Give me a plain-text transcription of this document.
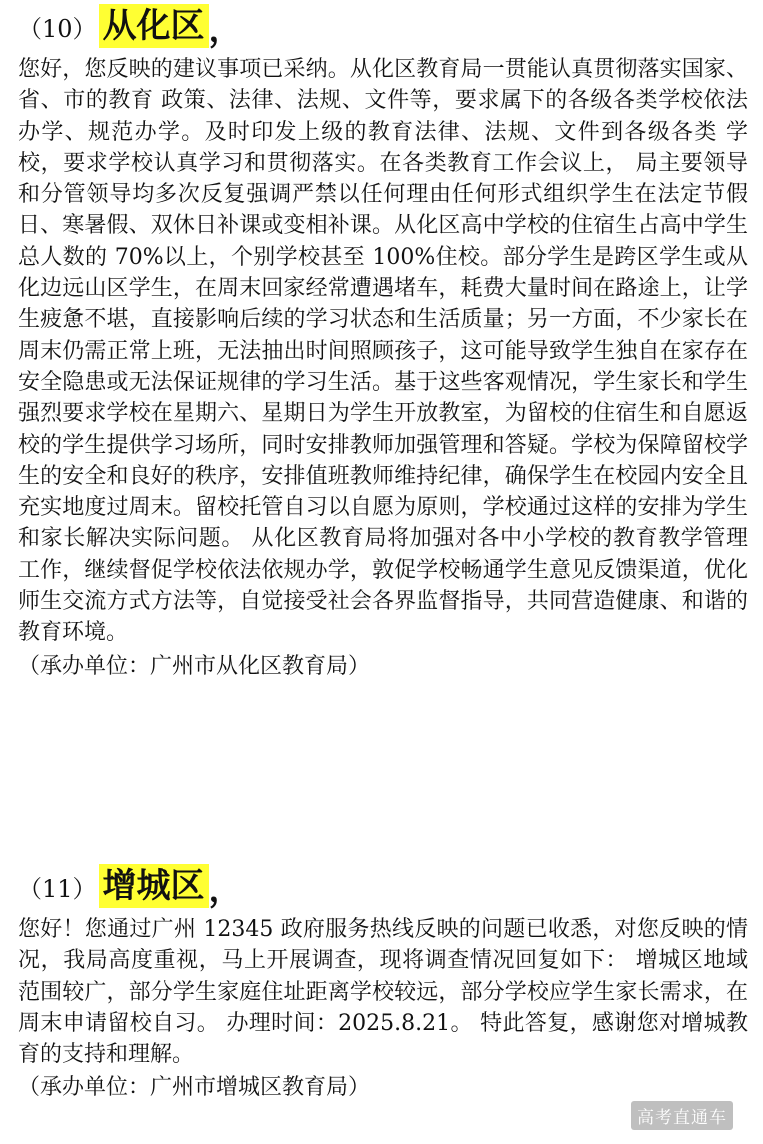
（10） 从化区 ，

您好，您反映的建议事项已采纳。从化区教育局一贯能认真贯彻落实国家、省、市的教育 政策、法律、法规、文件等，要求属下的各级各类学校依法办学、规范办学。及时印发上级的教育法律、法规、文件到各级各类 学校，要求学校认真学习和贯彻落实。在各类教育工作会议上， 局主要领导和分管领导均多次反复强调严禁以任何理由任何形式组织学生在法定节假日、寒暑假、双休日补课或变相补课。从化区高中学校的住宿生占高中学生总人数的 70%以上，个别学校甚至 100%住校。部分学生是跨区学生或从化边远山区学生，在周末回家经常遭遇堵车，耗费大量时间在路途上，让学生疲惫不堪，直接影响后续的学习状态和生活质量；另一方面，不少家长在周末仍需正常上班，无法抽出时间照顾孩子，这可能导致学生独自在家存在安全隐患或无法保证规律的学习生活。基于这些客观情况，学生家长和学生强烈要求学校在星期六、星期日为学生开放教室，为留校的住宿生和自愿返校的学生提供学习场所，同时安排教师加强管理和答疑。学校为保障留校学生的安全和良好的秩序，安排值班教师维持纪律，确保学生在校园内安全且充实地度过周末。留校托管自习以自愿为原则，学校通过这样的安排为学生和家长解决实际问题。 从化区教育局将加强对各中小学校的教育教学管理工作，继续督促学校依法依规办学，敦促学校畅通学生意见反馈渠道，优化师生交流方式方法等，自觉接受社会各界监督指导，共同营造健康、和谐的教育环境。

（承办单位：广州市从化区教育局）
（11） 增城区 ，

您好！您通过广州 12345 政府服务热线反映的问题已收悉，对您反映的情况，我局高度重视，马上开展调查，现将调查情况回复如下： 增城区地域范围较广，部分学生家庭住址距离学校较远，部分学校应学生家长需求，在周末申请留校自习。 办理时间：2025.8.21。 特此答复，感谢您对增城教育的支持和理解。

（承办单位：广州市增城区教育局）
高考直通车
